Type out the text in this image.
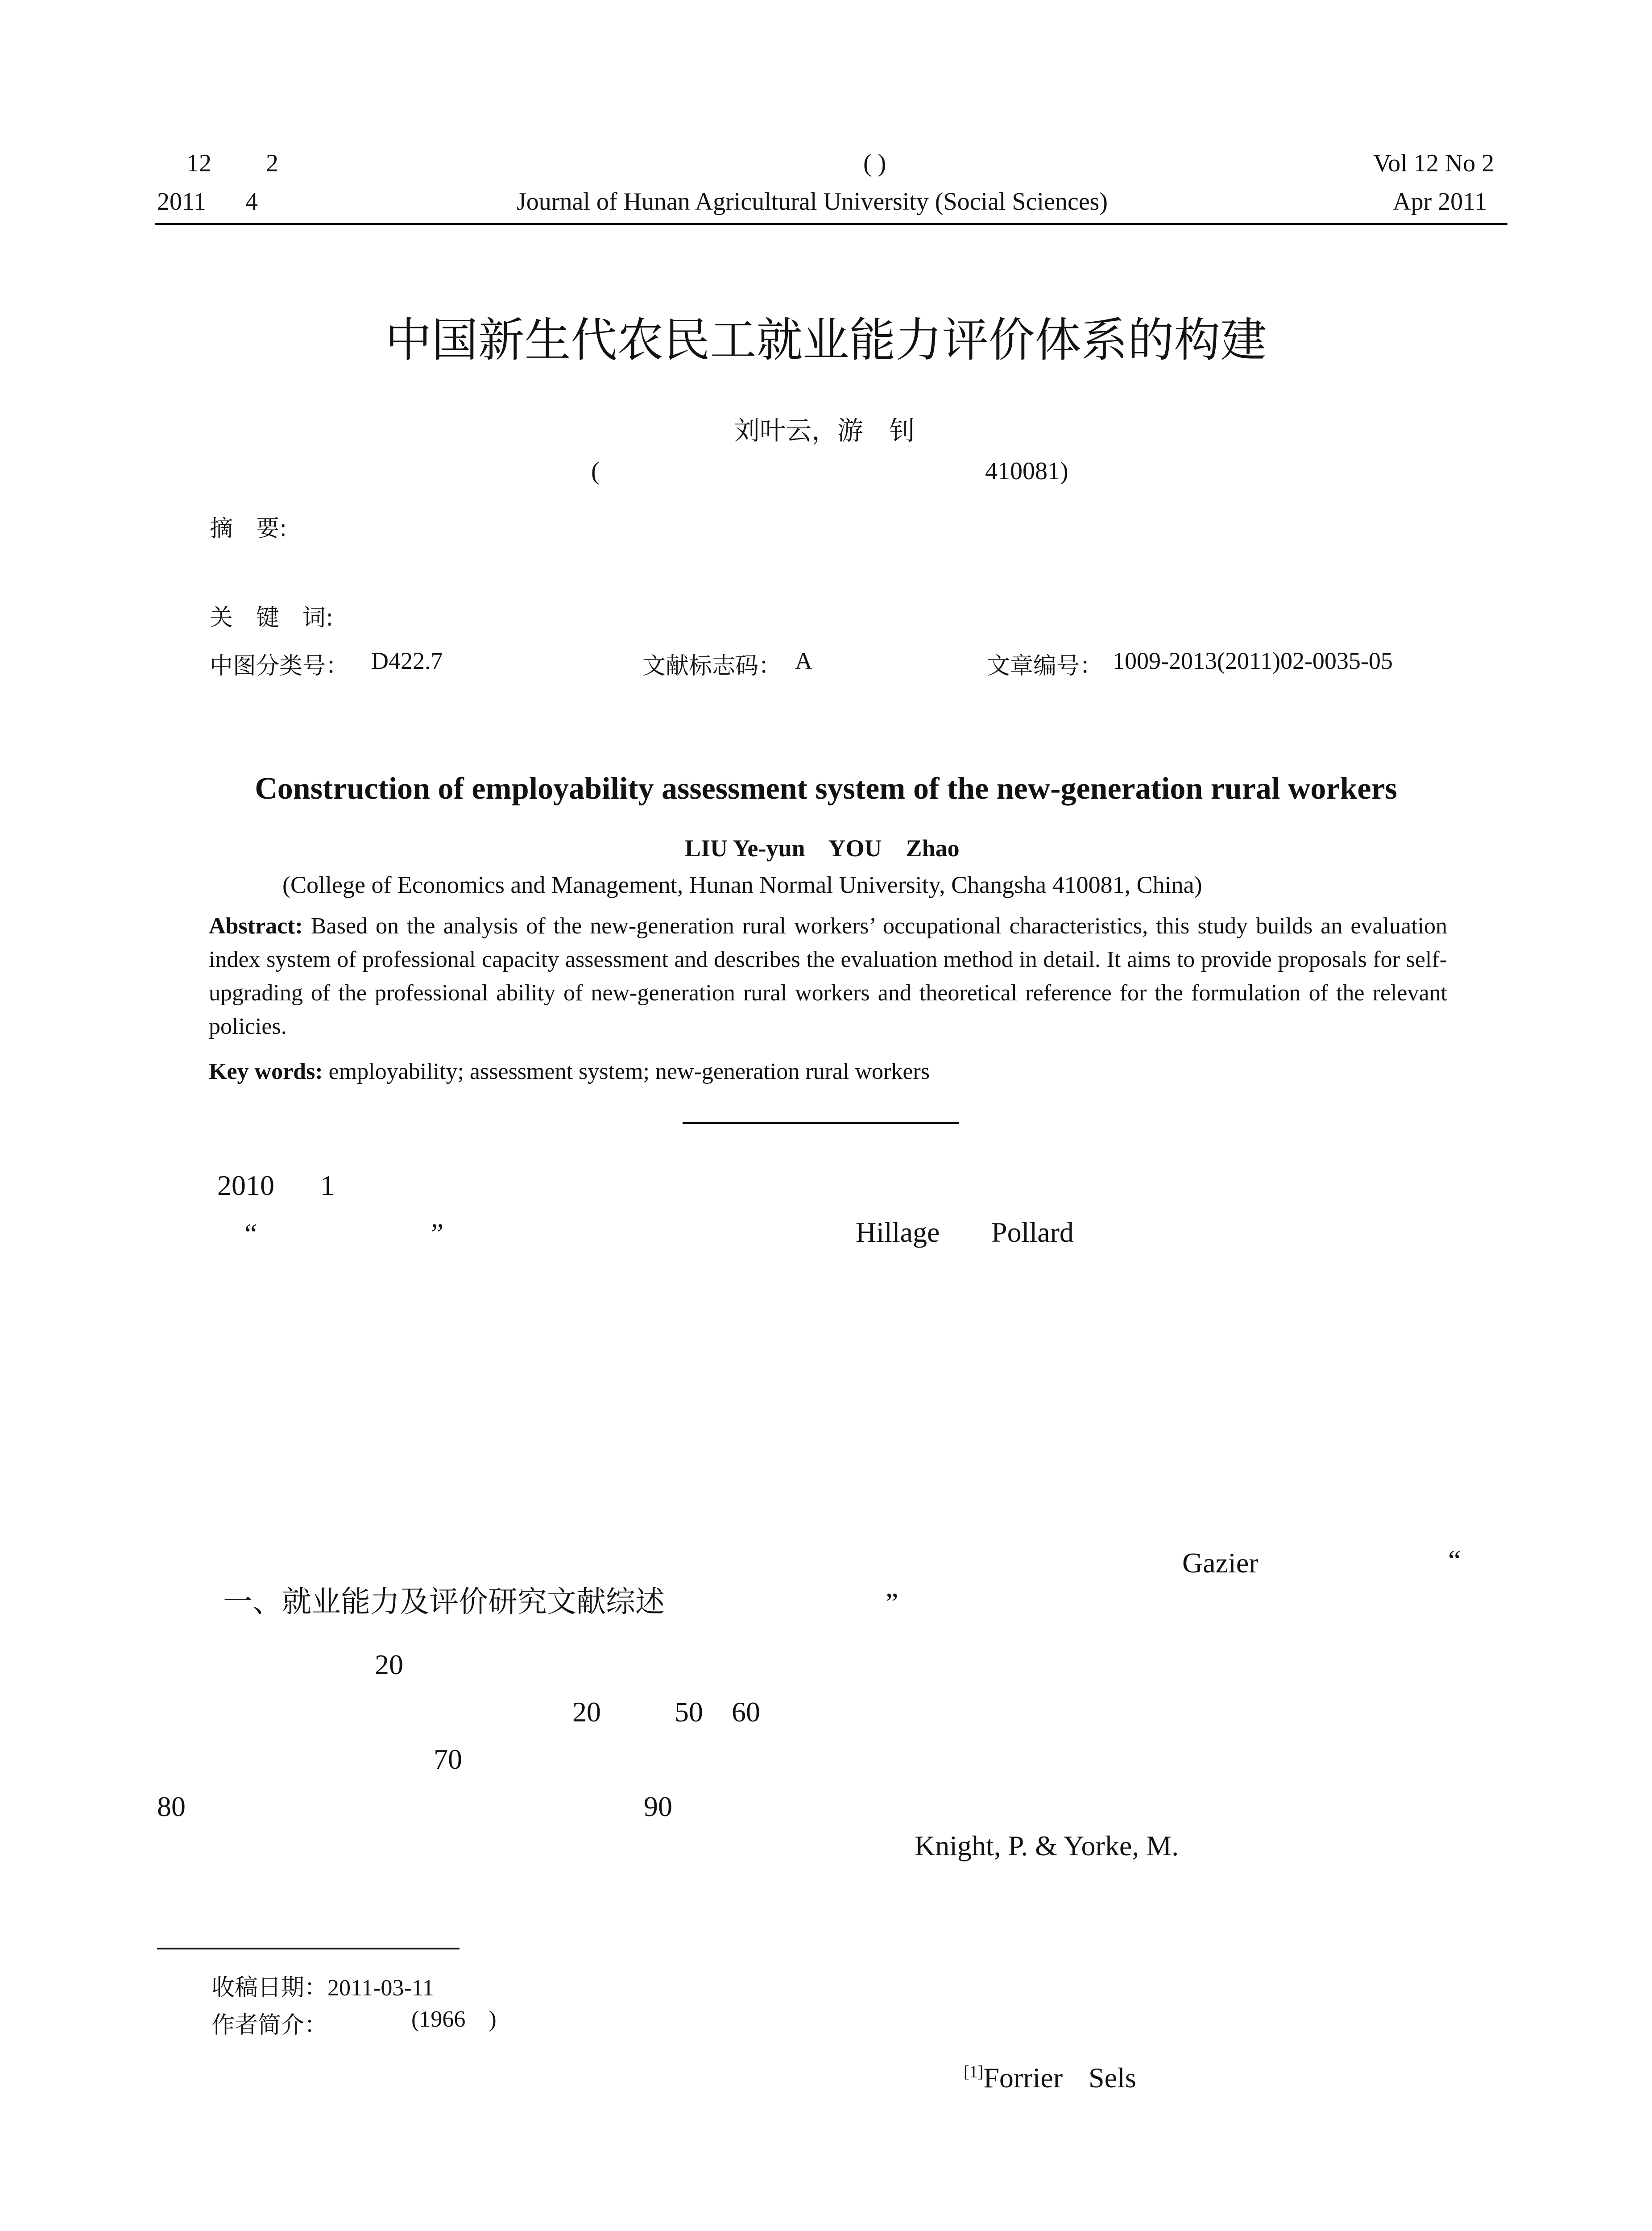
12 2	( )	Vol 12 No 2
2011 4	Journal of Hunan Agricultural University (Social Sciences)	Apr 2011
中国新生代农民工就业能力评价体系的构建
刘叶云，游　钊
(	410081)
摘　要:
关　键　词:
中图分类号： D422.7	文献标志码： A	文章编号： 1009-2013(2011)02-0035-05
Construction of employability assessment system of the new-generation rural workers
LIU Ye-yun    YOU    Zhao
(College of Economics and Management, Hunan Normal University, Changsha 410081, China)
Abstract: Based on the analysis of the new-generation rural workers’ occupational characteristics, this study builds an evaluation index system of professional capacity assessment and describes the evaluation method in detail. It aims to provide proposals for self-upgrading of the professional ability of new-generation rural workers and theoretical reference for the formulation of the relevant policies.
Key words: employability; assessment system; new-generation rural workers
2010 1
“	”
一、就业能力及评价研究文献综述
20
20	50 60
70
80	90
Hillage Pollard
Gazier	“
”
Knight, P. & Yorke, M.
[1]Forrier Sels
收稿日期：2011-03-11
作者简介：	(1966    )
